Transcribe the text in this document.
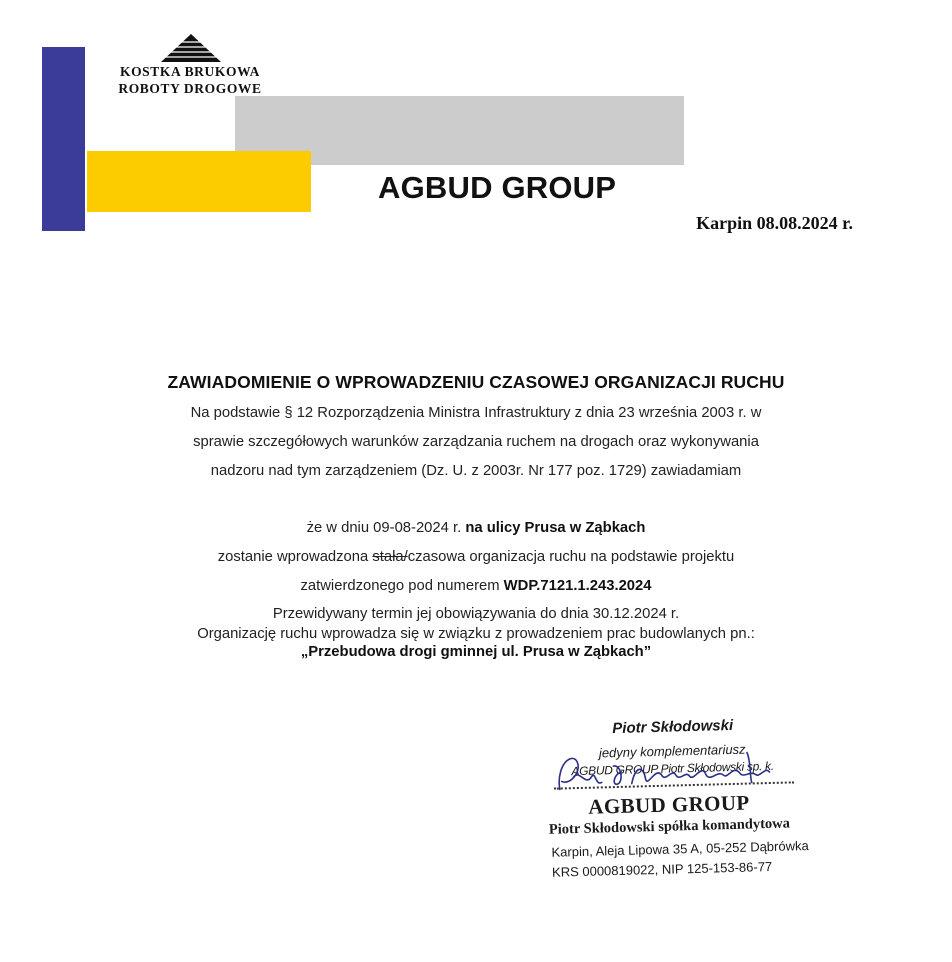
KOSTKA BRUKOWA
ROBOTY DROGOWE
AGBUD GROUP
Karpin 08.08.2024 r.
ZAWIADOMIENIE O WPROWADZENIU CZASOWEJ ORGANIZACJI RUCHU
Na podstawie § 12 Rozporządzenia Ministra Infrastruktury z dnia 23 września 2003 r. w
sprawie szczegółowych warunków zarządzania ruchem na drogach oraz wykonywania
nadzoru nad tym zarządzeniem (Dz. U. z 2003r. Nr 177 poz. 1729) zawiadamiam
że w dniu 09-08-2024 r. na ulicy Prusa w Ząbkach
zostanie wprowadzona stała/czasowa organizacja ruchu na podstawie projektu
zatwierdzonego pod numerem WDP.7121.1.243.2024
Przewidywany termin jej obowiązywania do dnia 30.12.2024 r.
Organizację ruchu wprowadza się w związku z prowadzeniem prac budowlanych pn.:
„Przebudowa drogi gminnej ul. Prusa w Ząbkach”
Piotr Skłodowski
jedyny komplementariusz
AGBUD GROUP Piotr Skłodowski sp. k.
AGBUD GROUP
Piotr Skłodowski spółka komandytowa
Karpin, Aleja Lipowa 35 A, 05-252 Dąbrówka
KRS 0000819022, NIP 125-153-86-77
